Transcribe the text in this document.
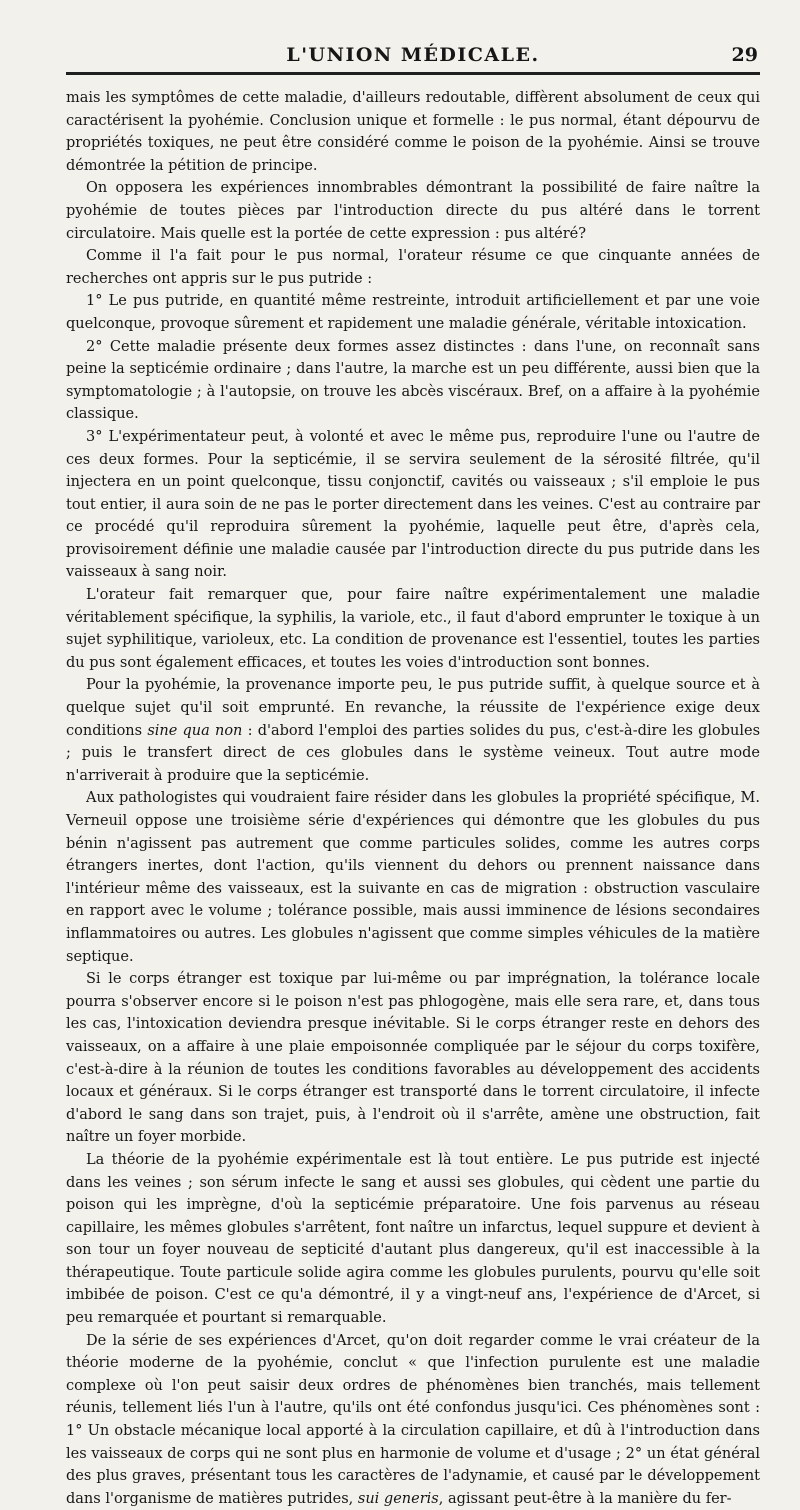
L'UNION MÉDICALE.	29

mais les symptômes de cette maladie, d'ailleurs redoutable, diffèrent absolument de ceux qui caractérisent la pyohémie. Conclusion unique et formelle : le pus normal, étant dépourvu de propriétés toxiques, ne peut être considéré comme le poison de la pyohémie. Ainsi se trouve démontrée la pétition de principe.

On opposera les expériences innombrables démontrant la possibilité de faire naître la pyohémie de toutes pièces par l'introduction directe du pus altéré dans le torrent circulatoire. Mais quelle est la portée de cette expression : pus altéré?

Comme il l'a fait pour le pus normal, l'orateur résume ce que cinquante années de recherches ont appris sur le pus putride :

1° Le pus putride, en quantité même restreinte, introduit artificiellement et par une voie quelconque, provoque sûrement et rapidement une maladie générale, véritable intoxication.

2° Cette maladie présente deux formes assez distinctes : dans l'une, on reconnaît sans peine la septicémie ordinaire ; dans l'autre, la marche est un peu différente, aussi bien que la symptomatologie ; à l'autopsie, on trouve les abcès viscéraux. Bref, on a affaire à la pyohémie classique.

3° L'expérimentateur peut, à volonté et avec le même pus, reproduire l'une ou l'autre de ces deux formes. Pour la septicémie, il se servira seulement de la sérosité filtrée, qu'il injectera en un point quelconque, tissu conjonctif, cavités ou vaisseaux ; s'il emploie le pus tout entier, il aura soin de ne pas le porter directement dans les veines. C'est au contraire par ce procédé qu'il reproduira sûrement la pyohémie, laquelle peut être, d'après cela, provisoirement définie une maladie causée par l'introduction directe du pus putride dans les vaisseaux à sang noir.

L'orateur fait remarquer que, pour faire naître expérimentalement une maladie véritablement spécifique, la syphilis, la variole, etc., il faut d'abord emprunter le toxique à un sujet syphilitique, varioleux, etc. La condition de provenance est l'essentiel, toutes les parties du pus sont également efficaces, et toutes les voies d'introduction sont bonnes.

Pour la pyohémie, la provenance importe peu, le pus putride suffit, à quelque source et à quelque sujet qu'il soit emprunté. En revanche, la réussite de l'expérience exige deux conditions sine qua non : d'abord l'emploi des parties solides du pus, c'est-à-dire les globules ; puis le transfert direct de ces globules dans le système veineux. Tout autre mode n'arriverait à produire que la septicémie.

Aux pathologistes qui voudraient faire résider dans les globules la propriété spécifique, M. Verneuil oppose une troisième série d'expériences qui démontre que les globules du pus bénin n'agissent pas autrement que comme particules solides, comme les autres corps étrangers inertes, dont l'action, qu'ils viennent du dehors ou prennent naissance dans l'intérieur même des vaisseaux, est la suivante en cas de migration : obstruction vasculaire en rapport avec le volume ; tolérance possible, mais aussi imminence de lésions secondaires inflammatoires ou autres. Les globules n'agissent que comme simples véhicules de la matière septique.

Si le corps étranger est toxique par lui-même ou par imprégnation, la tolérance locale pourra s'observer encore si le poison n'est pas phlogogène, mais elle sera rare, et, dans tous les cas, l'intoxication deviendra presque inévitable. Si le corps étranger reste en dehors des vaisseaux, on a affaire à une plaie empoisonnée compliquée par le séjour du corps toxifère, c'est-à-dire à la réunion de toutes les conditions favorables au développement des accidents locaux et généraux. Si le corps étranger est transporté dans le torrent circulatoire, il infecte d'abord le sang dans son trajet, puis, à l'endroit où il s'arrête, amène une obstruction, fait naître un foyer morbide.

La théorie de la pyohémie expérimentale est là tout entière. Le pus putride est injecté dans les veines ; son sérum infecte le sang et aussi ses globules, qui cèdent une partie du poison qui les imprègne, d'où la septicémie préparatoire. Une fois parvenus au réseau capillaire, les mêmes globules s'arrêtent, font naître un infarctus, lequel suppure et devient à son tour un foyer nouveau de septicité d'autant plus dangereux, qu'il est inaccessible à la thérapeutique. Toute particule solide agira comme les globules purulents, pourvu qu'elle soit imbibée de poison. C'est ce qu'a démontré, il y a vingt-neuf ans, l'expérience de d'Arcet, si peu remarquée et pourtant si remarquable.

De la série de ses expériences d'Arcet, qu'on doit regarder comme le vrai créateur de la théorie moderne de la pyohémie, conclut « que l'infection purulente est une maladie complexe où l'on peut saisir deux ordres de phénomènes bien tranchés, mais tellement réunis, tellement liés l'un à l'autre, qu'ils ont été confondus jusqu'ici. Ces phénomènes sont : 1° Un obstacle mécanique local apporté à la circulation capillaire, et dû à l'introduction dans les vaisseaux de corps qui ne sont plus en harmonie de volume et d'usage ; 2° un état général des plus graves, présentant tous les caractères de l'adynamie, et causé par le développement dans l'organisme de matières putrides, sui generis, agissant peut-être à la manière du fer-
